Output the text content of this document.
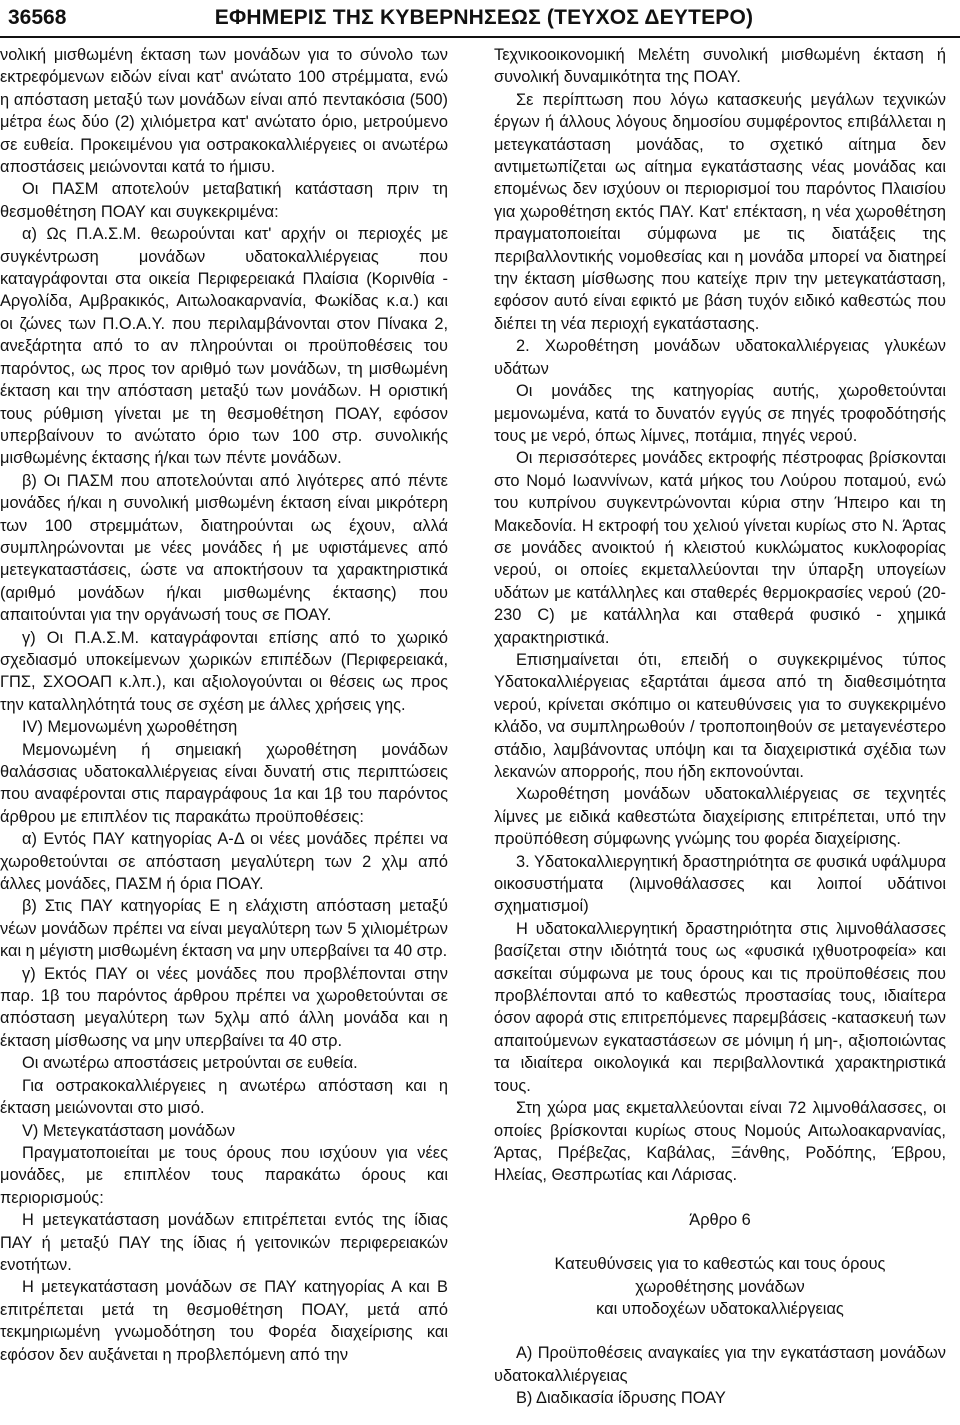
36568	ΕΦΗΜΕΡΙΣ ΤΗΣ ΚΥΒΕΡΝΗΣΕΩΣ (ΤΕΥΧΟΣ ΔΕΥΤΕΡΟ)

νολική μισθωμένη έκταση των μονάδων για το σύνολο των εκτρεφόμενων ειδών είναι κατ' ανώτατο 100 στρέμματα, ενώ η απόσταση μεταξύ των μονάδων είναι από πεντακόσια (500) μέτρα έως δύο (2) χιλιόμετρα κατ' ανώτατο όριο, μετρούμενο σε ευθεία. Προκειμένου για οστρακοκαλλιέργειες οι ανωτέρω αποστάσεις μειώνονται κατά το ήμισυ.

Οι ΠΑΣΜ αποτελούν μεταβατική κατάσταση πριν τη θεσμοθέτηση ΠΟΑΥ και συγκεκριμένα:

α) Ως Π.Α.Σ.Μ. θεωρούνται κατ' αρχήν οι περιοχές με συγκέντρωση μονάδων υδατοκαλλιέργειας που καταγράφονται στα οικεία Περιφερειακά Πλαίσια (Κορινθία - Αργολίδα, Αμβρακικός, Αιτωλοακαρνανία, Φωκίδας κ.α.) και οι ζώνες των Π.Ο.Α.Υ. που περιλαμβάνονται στον Πίνακα 2, ανεξάρτητα από το αν πληρούνται οι προϋποθέσεις του παρόντος, ως προς τον αριθμό των μονάδων, τη μισθωμένη έκταση και την απόσταση μεταξύ των μονάδων. Η οριστική τους ρύθμιση γίνεται με τη θεσμοθέτηση ΠΟΑΥ, εφόσον υπερβαίνουν το ανώτατο όριο των 100 στρ. συνολικής μισθωμένης έκτασης ή/και των πέντε μονάδων.

β) Οι ΠΑΣΜ που αποτελούνται από λιγότερες από πέντε μονάδες ή/και η συνολική μισθωμένη έκταση είναι μικρότερη των 100 στρεμμάτων, διατηρούνται ως έχουν, αλλά συμπληρώνονται με νέες μονάδες ή με υφιστάμενες από μετεγκαταστάσεις, ώστε να αποκτήσουν τα χαρακτηριστικά (αριθμό μονάδων ή/και μισθωμένης έκτασης) που απαιτούνται για την οργάνωσή τους σε ΠΟΑΥ.

γ) Οι Π.Α.Σ.Μ. καταγράφονται επίσης από το χωρικό σχεδιασμό υποκείμενων χωρικών επιπέδων (Περιφερειακά, ΓΠΣ, ΣΧΟΟΑΠ κ.λπ.), και αξιολογούνται οι θέσεις ως προς την καταλληλότητά τους σε σχέση με άλλες χρήσεις γης.

IV) Μεμονωμένη χωροθέτηση

Μεμονωμένη ή σημειακή χωροθέτηση μονάδων θαλάσσιας υδατοκαλλιέργειας είναι δυνατή στις περιπτώσεις που αναφέρονται στις παραγράφους 1α και 1β του παρόντος άρθρου με επιπλέον τις παρακάτω προϋποθέσεις:

α) Εντός ΠΑΥ κατηγορίας Α-Δ οι νέες μονάδες πρέπει να χωροθετούνται σε απόσταση μεγαλύτερη των 2 χλμ από άλλες μονάδες, ΠΑΣΜ ή όρια ΠΟΑΥ.

β) Στις ΠΑΥ κατηγορίας Ε η ελάχιστη απόσταση μεταξύ νέων μονάδων πρέπει να είναι μεγαλύτερη των 5 χιλιομέτρων και η μέγιστη μισθωμένη έκταση να μην υπερβαίνει τα 40 στρ.

γ) Εκτός ΠΑΥ οι νέες μονάδες που προβλέπονται στην παρ. 1β του παρόντος άρθρου πρέπει να χωροθετούνται σε απόσταση μεγαλύτερη των 5χλμ από άλλη μονάδα και η έκταση μίσθωσης να μην υπερβαίνει τα 40 στρ.

Οι ανωτέρω αποστάσεις μετρούνται σε ευθεία.

Για οστρακοκαλλιέργειες η ανωτέρω απόσταση και η έκταση μειώνονται στο μισό.

V) Μετεγκατάσταση μονάδων

Πραγματοποιείται με τους όρους που ισχύουν για νέες μονάδες, με επιπλέον τους παρακάτω όρους και περιορισμούς:

Η μετεγκατάσταση μονάδων επιτρέπεται εντός της ίδιας ΠΑΥ ή μεταξύ ΠΑΥ της ίδιας ή γειτονικών περιφερειακών ενοτήτων.

Η μετεγκατάσταση μονάδων σε ΠΑΥ κατηγορίας Α και Β επιτρέπεται μετά τη θεσμοθέτηση ΠΟΑΥ, μετά από τεκμηριωμένη γνωμοδότηση του Φορέα διαχείρισης και εφόσον δεν αυξάνεται η προβλεπόμενη από την

Τεχνικοοικονομική Μελέτη συνολική μισθωμένη έκταση ή συνολική δυναμικότητα της ΠΟΑΥ.

Σε περίπτωση που λόγω κατασκευής μεγάλων τεχνικών έργων ή άλλους λόγους δημοσίου συμφέροντος επιβάλλεται η μετεγκατάσταση μονάδας, το σχετικό αίτημα δεν αντιμετωπίζεται ως αίτημα εγκατάστασης νέας μονάδας και επομένως δεν ισχύουν οι περιορισμοί του παρόντος Πλαισίου για χωροθέτηση εκτός ΠΑΥ. Κατ' επέκταση, η νέα χωροθέτηση πραγματοποιείται σύμφωνα με τις διατάξεις της περιβαλλοντικής νομοθεσίας και η μονάδα μπορεί να διατηρεί την έκταση μίσθωσης που κατείχε πριν την μετεγκατάσταση, εφόσον αυτό είναι εφικτό με βάση τυχόν ειδικό καθεστώς που διέπει τη νέα περιοχή εγκατάστασης.

2. Χωροθέτηση μονάδων υδατοκαλλιέργειας γλυκέων υδάτων

Οι μονάδες της κατηγορίας αυτής, χωροθετούνται μεμονωμένα, κατά το δυνατόν εγγύς σε πηγές τροφοδότησής τους με νερό, όπως λίμνες, ποτάμια, πηγές νερού.

Οι περισσότερες μονάδες εκτροφής πέστροφας βρίσκονται στο Νομό Ιωαννίνων, κατά μήκος του Λούρου ποταμού, ενώ του κυπρίνου συγκεντρώνονται κύρια στην Ήπειρο και τη Μακεδονία. Η εκτροφή του χελιού γίνεται κυρίως στο Ν. Άρτας σε μονάδες ανοικτού ή κλειστού κυκλώματος κυκλοφορίας νερού, οι οποίες εκμεταλλεύονται την ύπαρξη υπογείων υδάτων με κατάλληλες και σταθερές θερμοκρασίες νερού (20-230 C) με κατάλληλα και σταθερά φυσικό - χημικά χαρακτηριστικά.

Επισημαίνεται ότι, επειδή ο συγκεκριμένος τύπος Υδατοκαλλιέργειας εξαρτάται άμεσα από τη διαθεσιμότητα νερού, κρίνεται σκόπιμο οι κατευθύνσεις για το συγκεκριμένο κλάδο, να συμπληρωθούν / τροποποιηθούν σε μεταγενέστερο στάδιο, λαμβάνοντας υπόψη και τα διαχειριστικά σχέδια των λεκανών απορροής, που ήδη εκπονούνται.

Χωροθέτηση μονάδων υδατοκαλλιέργειας σε τεχνητές λίμνες με ειδικά καθεστώτα διαχείρισης επιτρέπεται, υπό την προϋπόθεση σύμφωνης γνώμης του φορέα διαχείρισης.

3. Υδατοκαλλιεργητική δραστηριότητα σε φυσικά υφάλμυρα οικοσυστήματα (λιμνοθάλασσες και λοιποί υδάτινοι σχηματισμοί)

Η υδατοκαλλιεργητική δραστηριότητα στις λιμνοθάλασσες βασίζεται στην ιδιότητά τους ως «φυσικά ιχθυοτροφεία» και ασκείται σύμφωνα με τους όρους και τις προϋποθέσεις που προβλέπονται από το καθεστώς προστασίας τους, ιδιαίτερα όσον αφορά στις επιτρεπόμενες παρεμβάσεις -κατασκευή των απαιτούμενων εγκαταστάσεων σε μόνιμη ή μη-, αξιοποιώντας τα ιδιαίτερα οικολογικά και περιβαλλοντικά χαρακτηριστικά τους.

Στη χώρα μας εκμεταλλεύονται είναι 72 λιμνοθάλασσες, οι οποίες βρίσκονται κυρίως στους Νομούς Αιτωλοακαρνανίας, Άρτας, Πρέβεζας, Καβάλας, Ξάνθης, Ροδόπης, Έβρου, Ηλείας, Θεσπρωτίας και Λάρισας.

Άρθρο 6

Κατευθύνσεις για το καθεστώς και τους όρους

χωροθέτησης μονάδων

και υποδοχέων υδατοκαλλιέργειας

Α) Προϋποθέσεις αναγκαίες για την εγκατάσταση μονάδων υδατοκαλλιέργειας

Β) Διαδικασία ίδρυσης ΠΟΑΥ
